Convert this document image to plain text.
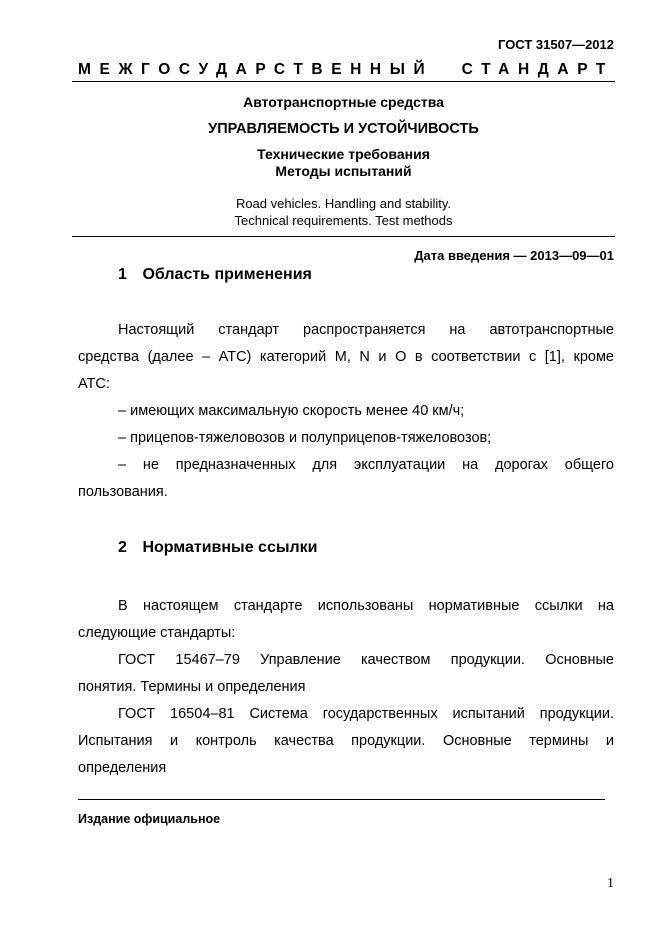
ГОСТ 31507—2012
МЕЖГОСУДАРСТВЕННЫЙ СТАНДАРТ
Автотранспортные средства
УПРАВЛЯЕМОСТЬ И УСТОЙЧИВОСТЬ
Технические требования
Методы испытаний
Road vehicles. Handling and stability.
Technical requirements. Test methods
Дата введения — 2013—09—01
1 Область применения
Настоящий стандарт распространяется на автотранспортные
средства (далее – АТС) категорий M, N и O в соответствии с [1], кроме
АТС:
– имеющих максимальную скорость менее 40 км/ч;
– прицепов-тяжеловозов и полуприцепов-тяжеловозов;
– не предназначенных для эксплуатации на дорогах общего
пользования.
2 Нормативные ссылки
В настоящем стандарте использованы нормативные ссылки на
следующие стандарты:
ГОСТ 15467–79 Управление качеством продукции. Основные
понятия. Термины и определения
ГОСТ 16504–81 Система государственных испытаний продукции.
Испытания и контроль качества продукции. Основные термины и
определения
Издание официальное
1
